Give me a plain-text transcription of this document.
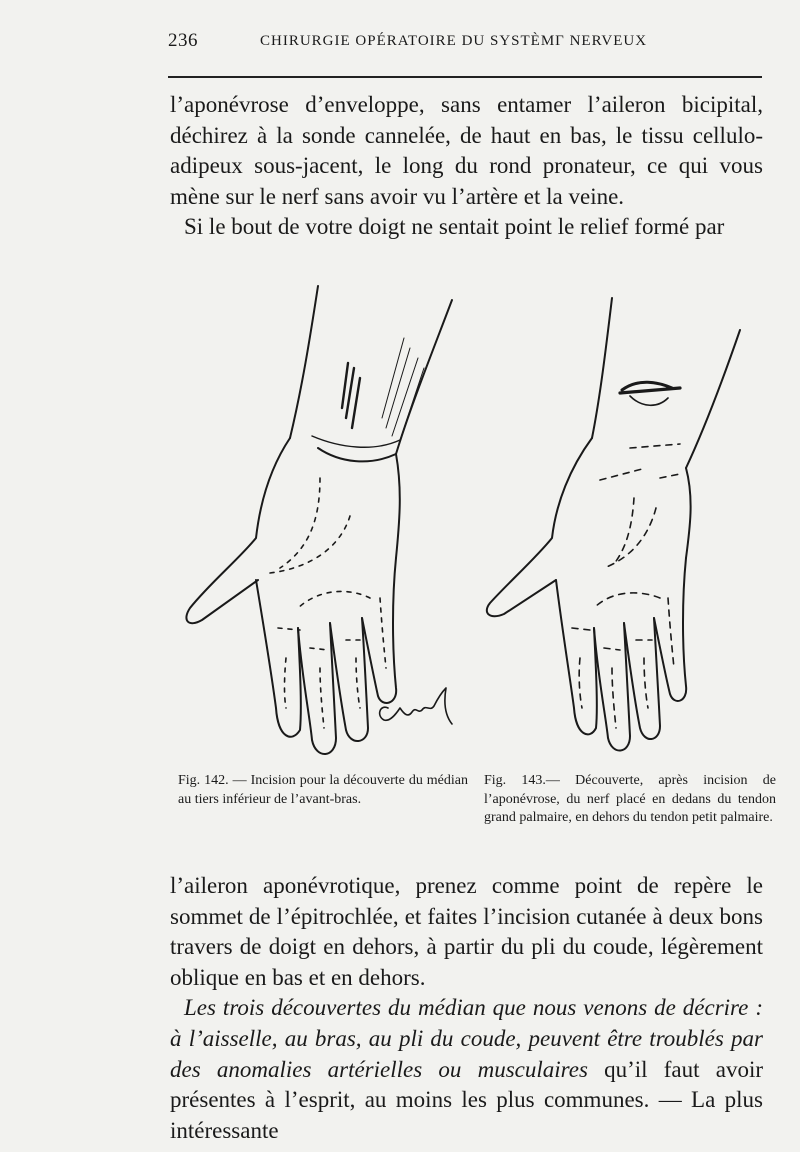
236	CHIRURGIE OPÉRATOIRE DU SYSTÈMΓ NERVEUX

l’aponévrose d’enveloppe, sans entamer l’aileron bicipital, déchirez à la sonde cannelée, de haut en bas, le tissu cellulo-adipeux sous-jacent, le long du rond pronateur, ce qui vous mène sur le nerf sans avoir vu l’artère et la veine.

Si le bout de votre doigt ne sentait point le relief formé par

Fig. 142. — Incision pour la découverte du médian au tiers inférieur de l’avant-bras.
Fig. 143.— Découverte, après incision de l’aponévrose, du nerf placé en dedans du tendon grand palmaire, en dehors du tendon petit palmaire.

l’aileron aponévrotique, prenez comme point de repère le sommet de l’épitrochlée, et faites l’incision cutanée à deux bons travers de doigt en dehors, à partir du pli du coude, légèrement oblique en bas et en dehors.

Les trois découvertes du médian que nous venons de décrire : à l’aisselle, au bras, au pli du coude, peuvent être troublés par des anomalies artérielles ou musculaires qu’il faut avoir présentes à l’esprit, au moins les plus communes. — La plus intéressante
